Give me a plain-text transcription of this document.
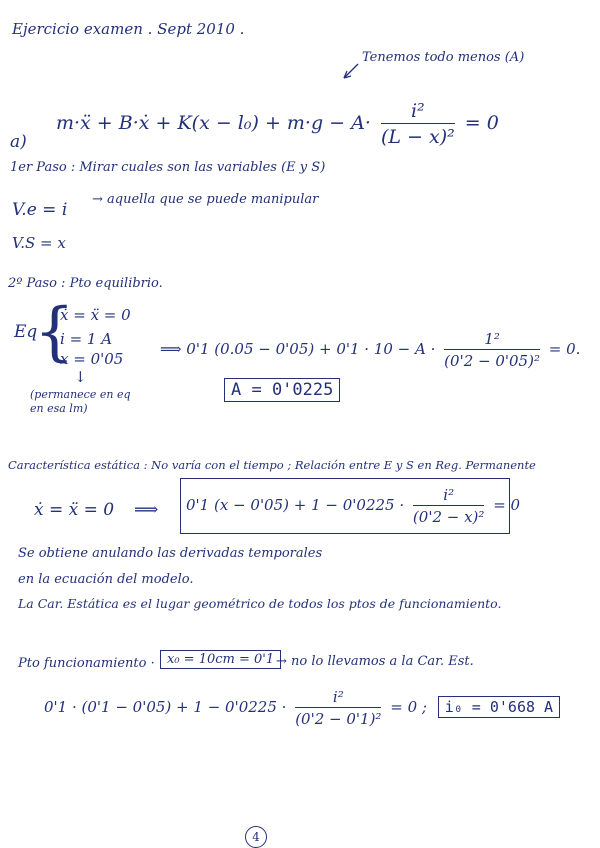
Ejercicio examen . Sept 2010 .
Tenemos todo menos (A)
m·ẍ + B·ẋ + $K(x - l_0) + m\cdot g - A\cdot \frac{\text{i²}}{\text{(L − x)²}} = 0$
a)
1er Paso : Mirar cuales son las variables (E y S)
V.e = i
→ aquella que se puede manipular
V.S = x
2º Paso : Pto equilibrio.
Eq
{
ẋ = ẍ = 0
i = 1 A
x = 0'05
↓
(permanece en eq en esa lm)
⟹ 0'1 $(0.05 - 0'05) + 0'1 \cdot 10 - A \cdot \frac{\text{1²}}{\text{(0'2 − 0'05)²}} = 0$.
A = 0'0225
Característica estática : No varía con el tiempo ; Relación entre E y S en Reg. Permanente
ẋ = ẍ = 0 ⟹ 0'1 $(x - 0'05) + 1 - 0'0225 \cdot \frac{\text{i²}}{\text{(0'2 − x)²}} = 0$
Se obtiene anulando las derivadas temporales
en la ecuación del modelo.
La Car. Estática es el lugar geométrico de todos los ptos de funcionamiento.
Pto funcionamiento · x₀ = 10cm = 0'1 → no lo llevamos a la Car. Est.
$0'1 \cdot (0'1 - 0'05) + 1 - 0'0225 \cdot \frac{\text{i²}}{\text{(0'2 − 0'1)²}} = 0$ ; i₀ = 0'668 A
4
